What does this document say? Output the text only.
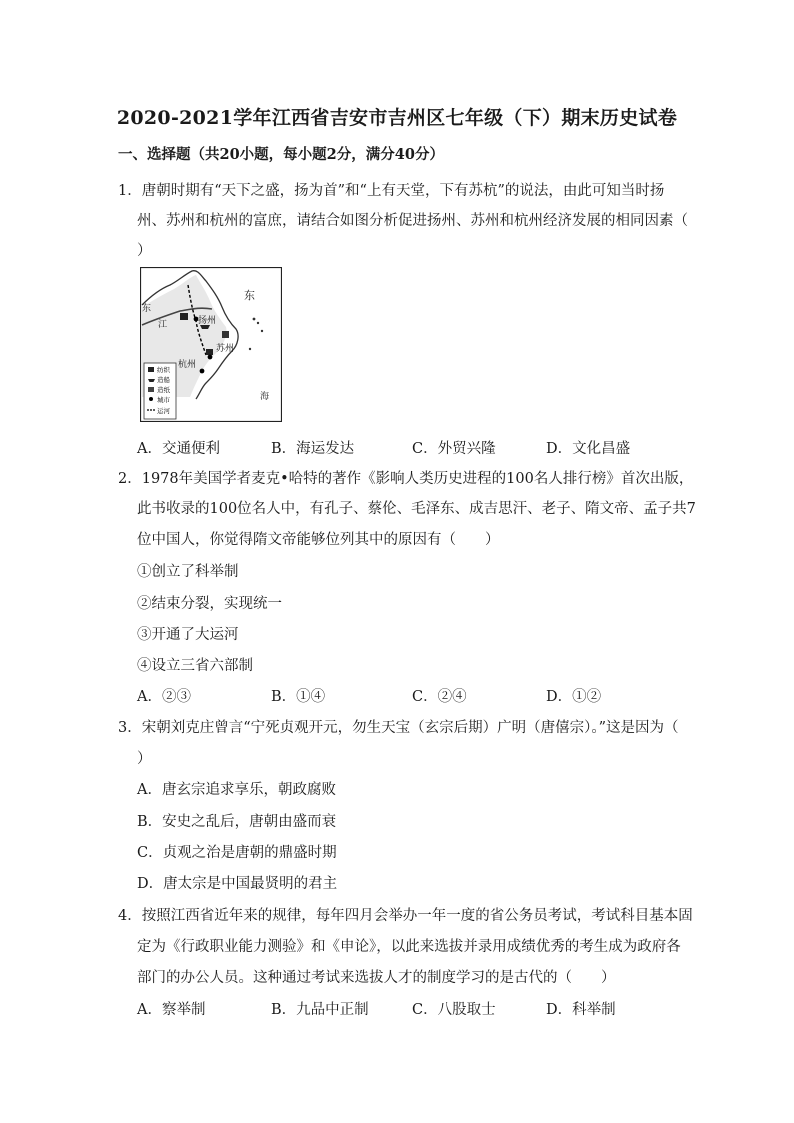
2020-2021学年江西省吉安市吉州区七年级（下）期末历史试卷
一、选择题（共20小题，每小题2分，满分40分）
1．唐朝时期有“天下之盛，扬为首”和“上有天堂，下有苏杭”的说法，由此可知当时扬
州、苏州和杭州的富庶，请结合如图分析促进扬州、苏州和杭州经济发展的相同因素（
）
东
扬州
苏州
杭州
江
东
海
纺织
造船
造纸
城市
运河
A．交通便利	B．海运发达	C．外贸兴隆	D．文化昌盛
2．1978年美国学者麦克•哈特的著作《影响人类历史进程的100名人排行榜》首次出版，
此书收录的100位名人中，有孔子、蔡伦、毛泽东、成吉思汗、老子、隋文帝、孟子共7
位中国人，你觉得隋文帝能够位列其中的原因有（　　）
①创立了科举制
②结束分裂，实现统一
③开通了大运河
④设立三省六部制
A．②③	B．①④	C．②④	D．①②
3．宋朝刘克庄曾言“宁死贞观开元，勿生天宝（玄宗后期）广明（唐僖宗）。”这是因为（
）
A．唐玄宗追求享乐，朝政腐败
B．安史之乱后，唐朝由盛而衰
C．贞观之治是唐朝的鼎盛时期
D．唐太宗是中国最贤明的君主
4．按照江西省近年来的规律，每年四月会举办一年一度的省公务员考试，考试科目基本固
定为《行政职业能力测验》和《申论》，以此来选拔并录用成绩优秀的考生成为政府各
部门的办公人员。这种通过考试来选拔人才的制度学习的是古代的（　　）
A．察举制	B．九品中正制	C．八股取士	D．科举制
